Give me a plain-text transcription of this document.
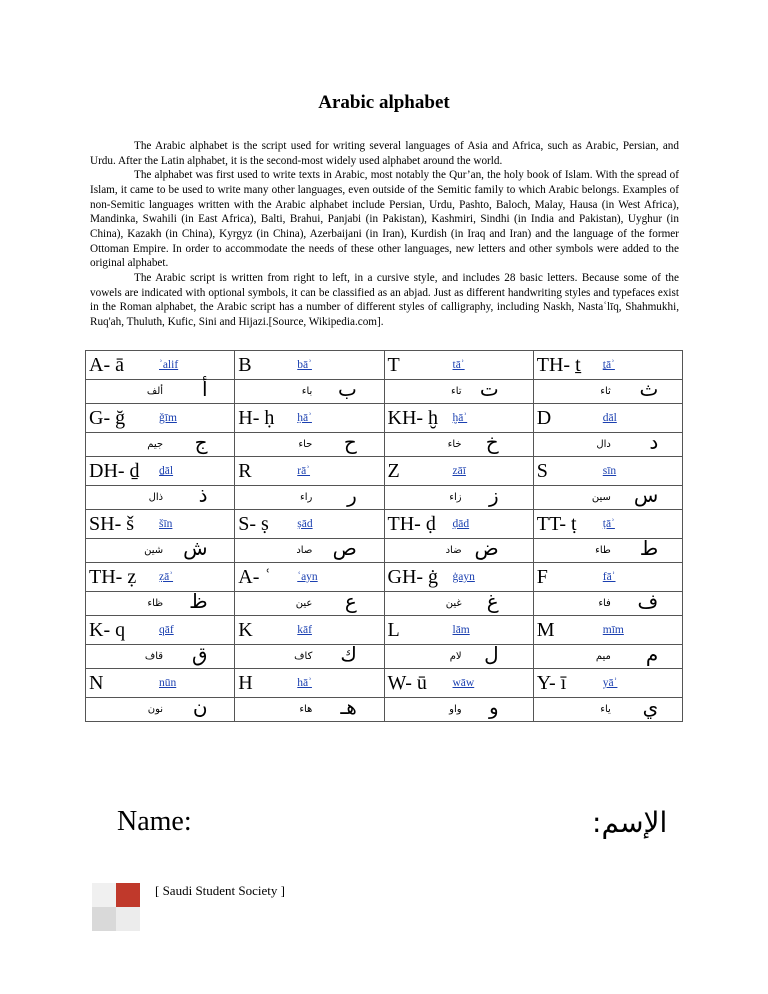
Arabic alphabet

The Arabic alphabet is the script used for writing several languages of Asia and Africa, such as Arabic, Persian, and Urdu. After the Latin alphabet, it is the second-most widely used alphabet around the world.

The alphabet was first used to write texts in Arabic, most notably the Qur’an, the holy book of Islam. With the spread of Islam, it came to be used to write many other languages, even outside of the Semitic family to which Arabic belongs. Examples of non-Semitic languages written with the Arabic alphabet include Persian, Urdu, Pashto, Baloch, Malay, Hausa (in West Africa), Mandinka, Swahili (in East Africa), Balti, Brahui, Panjabi (in Pakistan), Kashmiri, Sindhi (in India and Pakistan), Uyghur (in China), Kazakh (in China), Kyrgyz (in China), Azerbaijani (in Iran), Kurdish (in Iraq and Iran) and the language of the former Ottoman Empire. In order to accommodate the needs of these other languages, new letters and other symbols were added to the original alphabet.

The Arabic script is written from right to left, in a cursive style, and includes 28 basic letters. Because some of the vowels are indicated with optional symbols, it can be classified as an abjad. Just as different handwriting styles and typefaces exist in the Roman alphabet, the Arabic script has a number of different styles of calligraphy, including Naskh, Nastaʿlīq, Shahmukhi, Ruq'ah, Thuluth, Kufic, Sini and Hijazi.[Source, Wikipedia.com].

A- ā ʾalif	B bāʾ	T tāʾ	TH- ṯ ṯāʾ

ألف أ	باء ب	تاء ت	ثاء ث

G- ğ ǧīm	H- ḥ ḥāʾ	KH- ḫ ḫāʾ	D dāl

جيم ج	حاء ح	خاء خ	دال د

DH- ḏ ḏāl	R rāʾ	Z zāī	S sīn

ذال ذ	راء ر	زاء ز	سين س

SH- š šīn	S- ṣ ṣād	TH- ḍ ḍād	TT- ṭ ṭāʾ

شين ش	صاد ص	ضاد ض	طاء ط

TH- ẓ ẓāʾ	A- ʿ ʿayn	GH- ġ ġayn	F fāʾ

ظاء ظ	عين ع	غين غ	فاء ف

K- q qāf	K kāf	L lām	M mīm

قاف ق	كاف ك	لام ل	ميم م

N nūn	H hāʾ	W- ū wāw	Y- ī yāʾ

نون ن	هاء هـ	واو و	ياء ي
Name:	:الإسم
[ Saudi Student Society ]
